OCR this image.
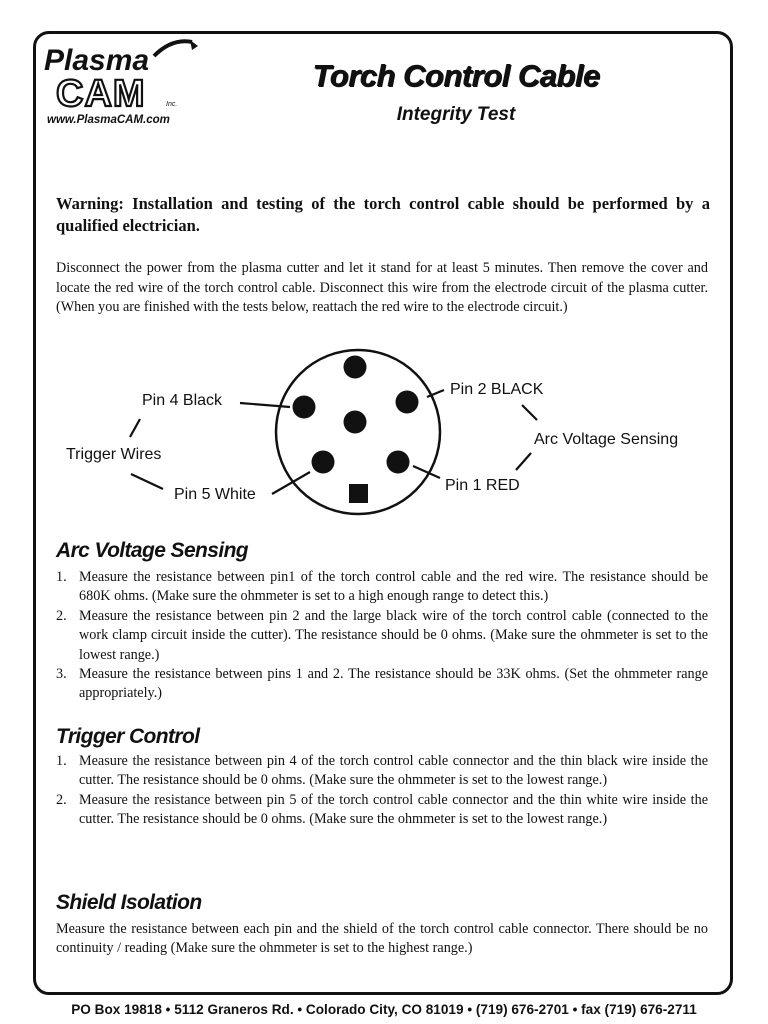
Plasma
CAM	Inc.
www.PlasmaCAM.com
Torch Control Cable
Integrity Test
Warning: Installation and testing of the torch control cable should be performed by a qualified electrician.
Disconnect the power from the plasma cutter and let it stand for at least 5 minutes. Then remove the cover and locate the red wire of the torch control cable. Disconnect this wire from the electrode circuit of the plasma cutter. (When you are finished with the tests below, reattach the red wire to the electrode circuit.)
Pin 4 Black
Pin 2 BLACK
Trigger Wires
Arc Voltage Sensing
Pin 5 White
Pin 1 RED
Arc Voltage Sensing
1. Measure the resistance between pin1 of the torch control cable and the red wire. The resistance should be 680K ohms. (Make sure the ohmmeter is set to a high enough range to detect this.)
2. Measure the resistance between pin 2 and the large black wire of the torch control cable (connected to the work clamp circuit inside the cutter). The resistance should be 0 ohms. (Make sure the ohmmeter is set to the lowest range.)
3. Measure the resistance between pins 1 and 2. The resistance should be 33K ohms. (Set the ohmmeter range appropriately.)
Trigger Control
1. Measure the resistance between pin 4 of the torch control cable connector and the thin black wire inside the cutter. The resistance should be 0 ohms. (Make sure the ohmmeter is set to the lowest range.)
2. Measure the resistance between pin 5 of the torch control cable connector and the thin white wire inside the cutter. The resistance should be 0 ohms. (Make sure the ohmmeter is set to the lowest range.)
Shield Isolation
Measure the resistance between each pin and the shield of the torch control cable connector. There should be no continuity / reading (Make sure the ohmmeter is set to the highest range.)
PO Box 19818 • 5112 Graneros Rd. • Colorado City, CO 81019 • (719) 676-2701 • fax (719) 676-2711
